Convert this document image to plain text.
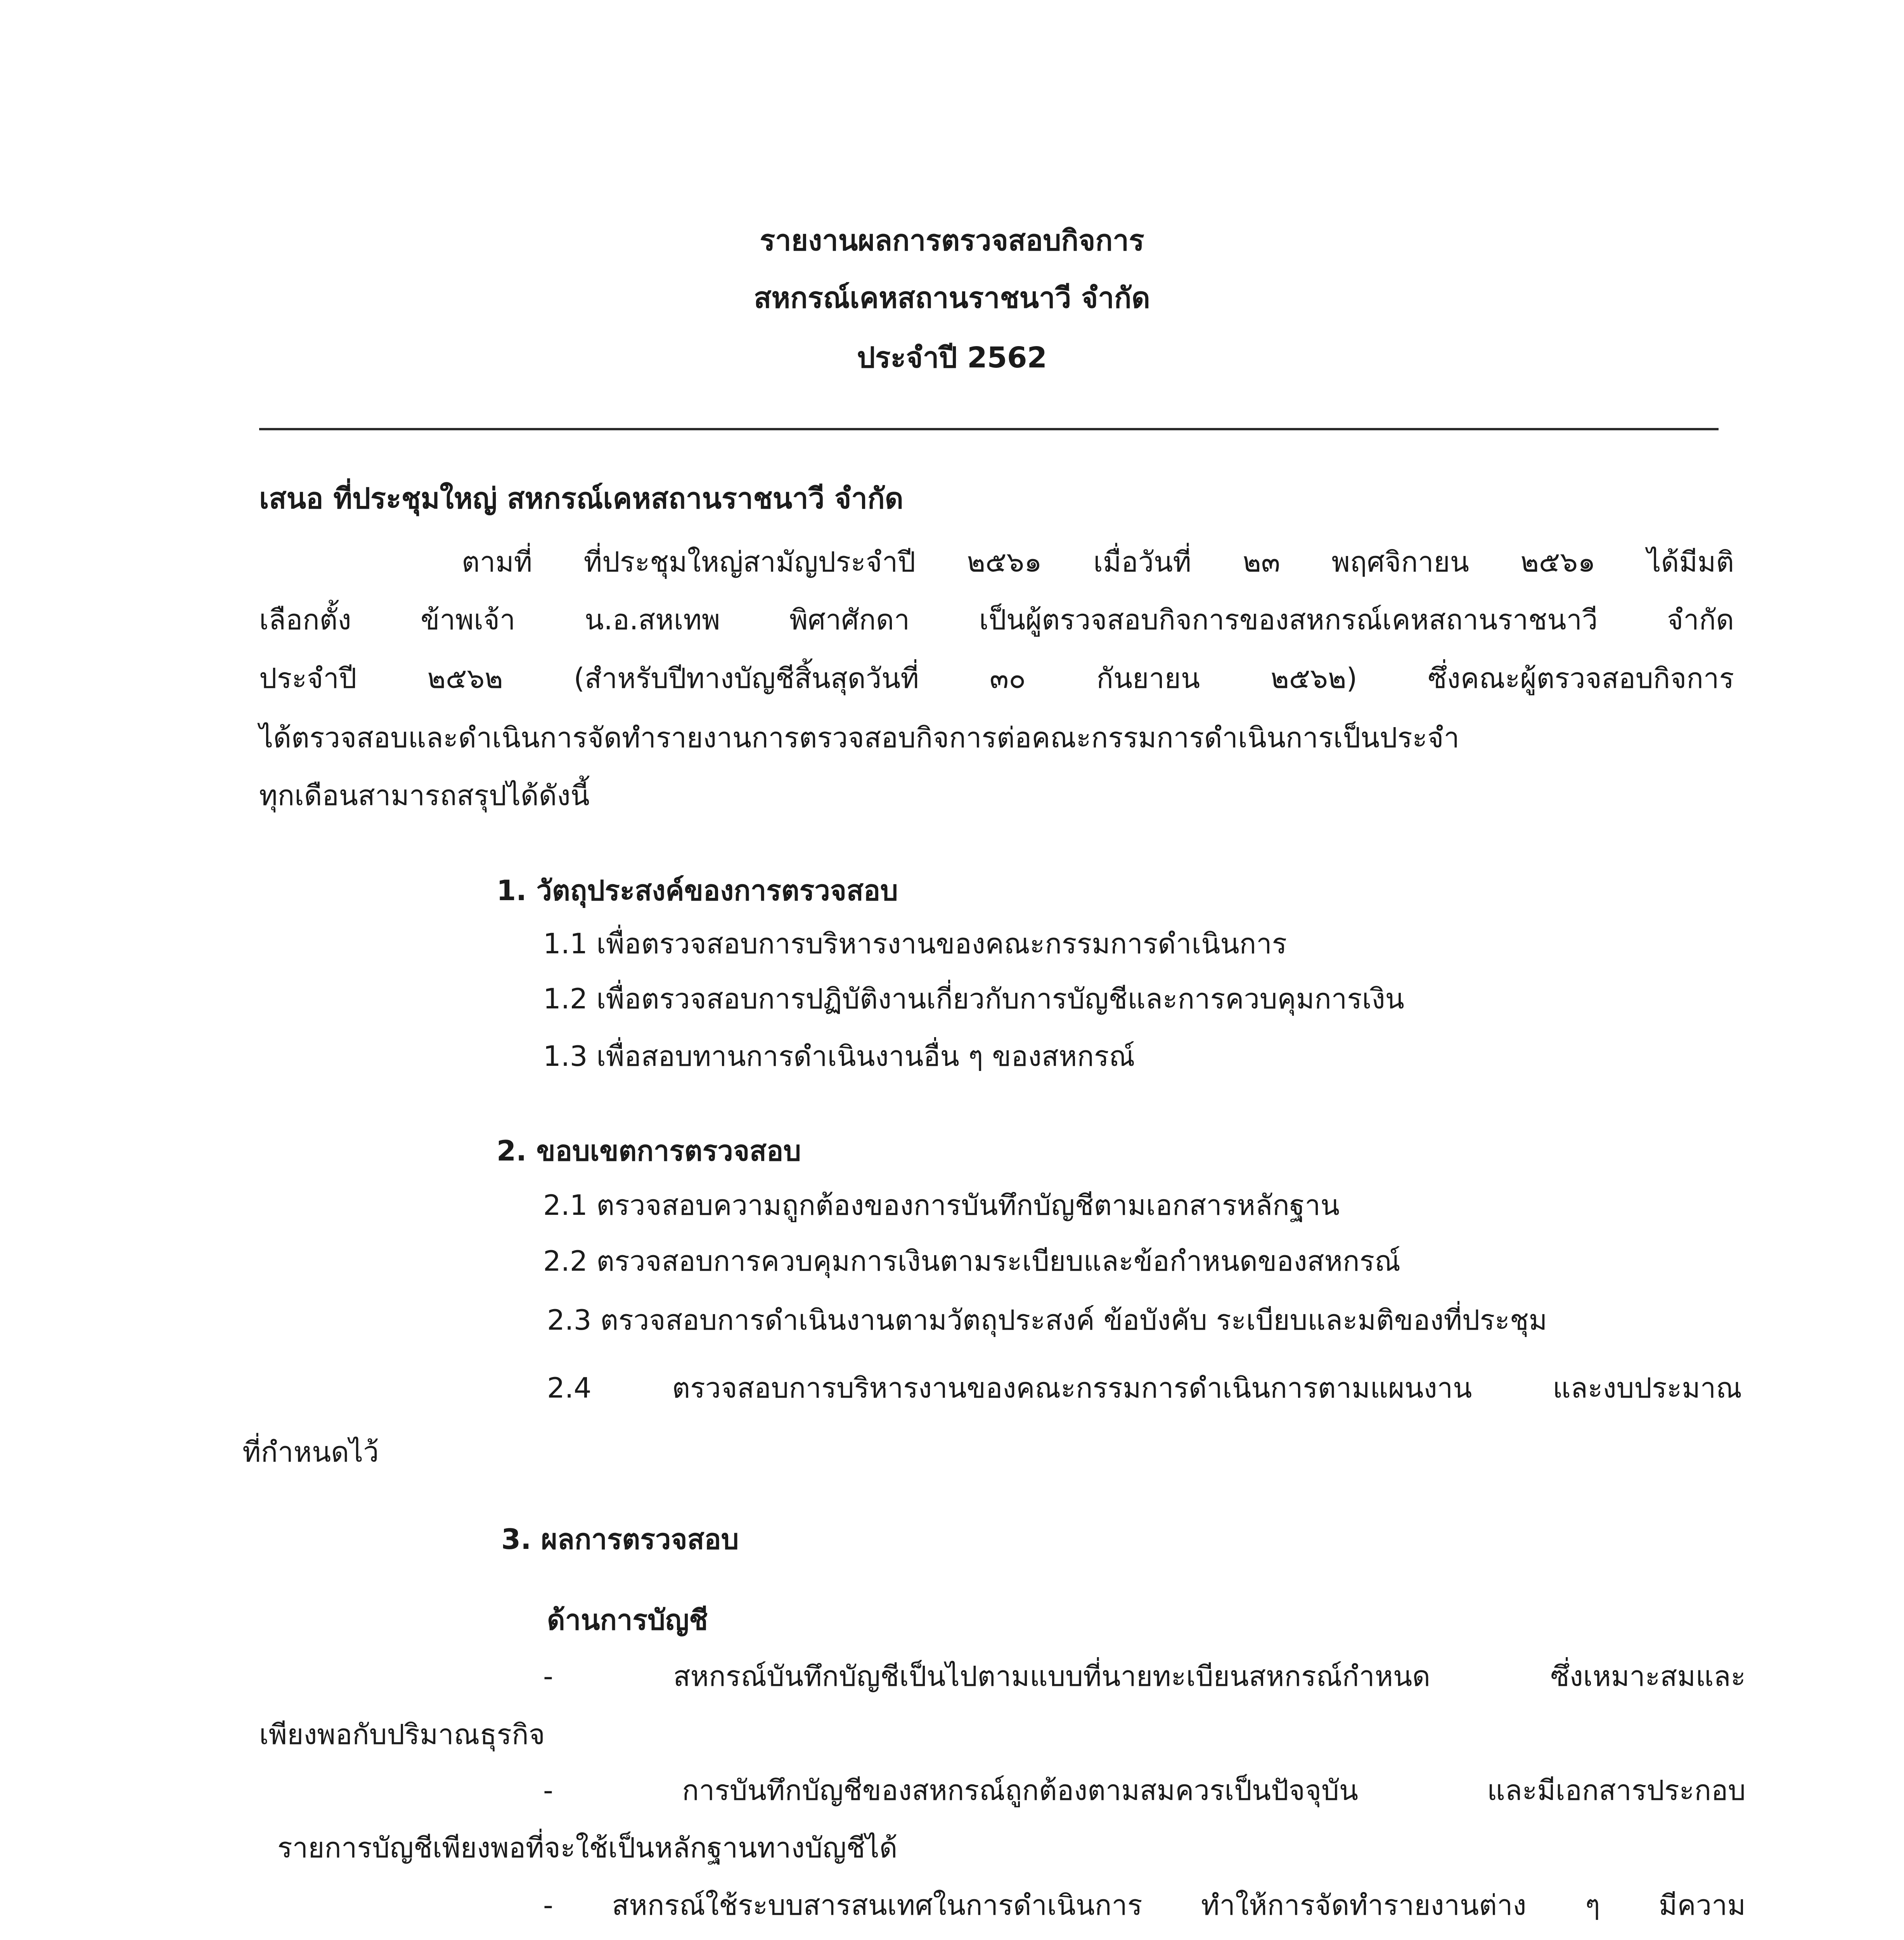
รายงานผลการตรวจสอบกิจการ
สหกรณ์เคหสถานราชนาวี จำกัด
ประจำปี 2562
เสนอ ที่ประชุมใหญ่ สหกรณ์เคหสถานราชนาวี จำกัด
ตามที่ ที่ประชุมใหญ่สามัญประจำปี ๒๕๖๑ เมื่อวันที่ ๒๓ พฤศจิกายน ๒๕๖๑ ได้มีมติ
เลือกตั้ง ข้าพเจ้า น.อ.สหเทพ พิศาศักดา เป็นผู้ตรวจสอบกิจการของสหกรณ์เคหสถานราชนาวี จำกัด
ประจำปี ๒๕๖๒ (สำหรับปีทางบัญชีสิ้นสุดวันที่ ๓๐ กันยายน ๒๕๖๒) ซึ่งคณะผู้ตรวจสอบกิจการ
ได้ตรวจสอบและดำเนินการจัดทำรายงานการตรวจสอบกิจการต่อคณะกรรมการดำเนินการเป็นประจำ
ทุกเดือนสามารถสรุปได้ดังนี้
1. วัตถุประสงค์ของการตรวจสอบ
1.1 เพื่อตรวจสอบการบริหารงานของคณะกรรมการดำเนินการ
1.2 เพื่อตรวจสอบการปฏิบัติงานเกี่ยวกับการบัญชีและการควบคุมการเงิน
1.3 เพื่อสอบทานการดำเนินงานอื่น ๆ ของสหกรณ์
2. ขอบเขตการตรวจสอบ
2.1 ตรวจสอบความถูกต้องของการบันทึกบัญชีตามเอกสารหลักฐาน
2.2 ตรวจสอบการควบคุมการเงินตามระเบียบและข้อกำหนดของสหกรณ์
2.3 ตรวจสอบการดำเนินงานตามวัตถุประสงค์ ข้อบังคับ ระเบียบและมติของที่ประชุม
2.4 ตรวจสอบการบริหารงานของคณะกรรมการดำเนินการตามแผนงาน และงบประมาณ
ที่กำหนดไว้
3. ผลการตรวจสอบ
ด้านการบัญชี
- สหกรณ์บันทึกบัญชีเป็นไปตามแบบที่นายทะเบียนสหกรณ์กำหนด ซึ่งเหมาะสมและ
เพียงพอกับปริมาณธุรกิจ
- การบันทึกบัญชีของสหกรณ์ถูกต้องตามสมควรเป็นปัจจุบัน และมีเอกสารประกอบ
รายการบัญชีเพียงพอที่จะใช้เป็นหลักฐานทางบัญชีได้
- สหกรณ์ใช้ระบบสารสนเทศในการดำเนินการ ทำให้การจัดทำรายงานต่าง ๆ มีความ
